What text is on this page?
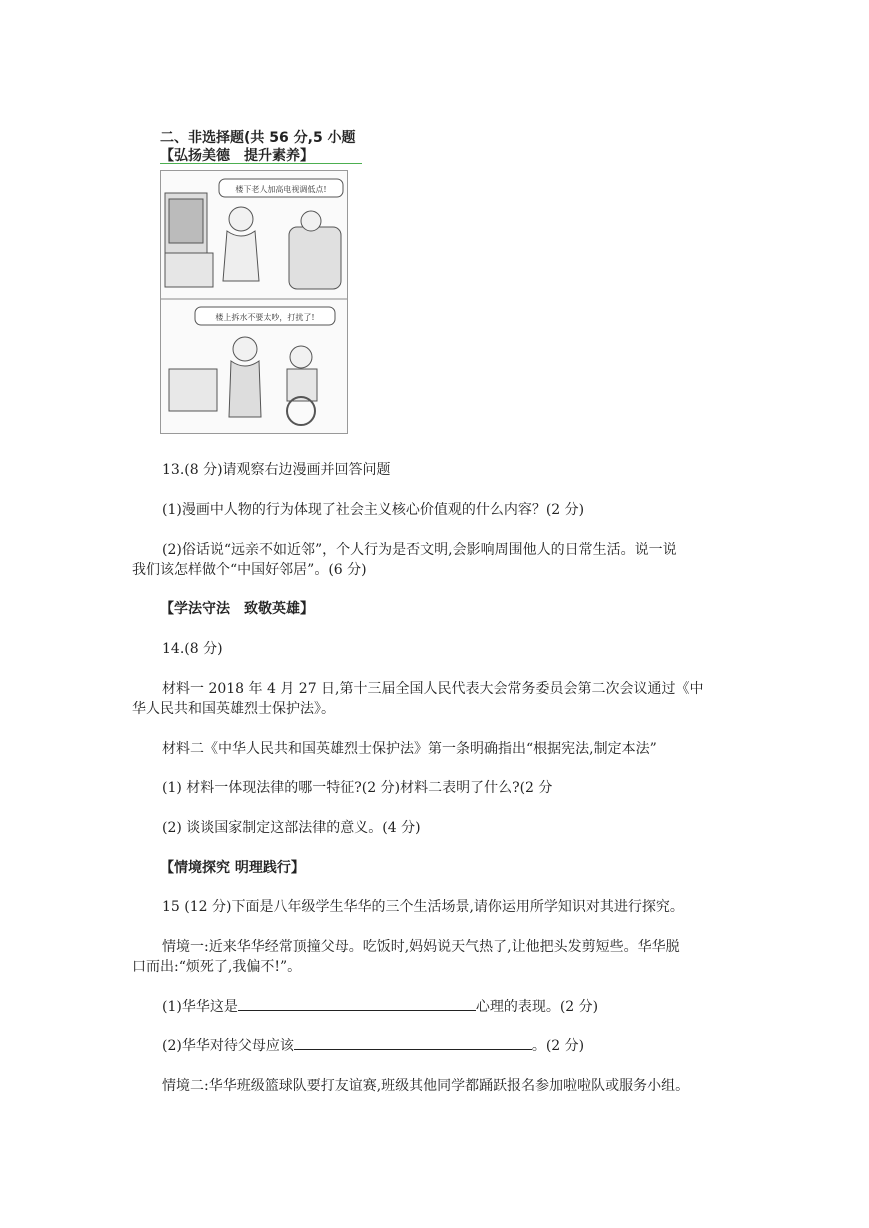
二、非选择题(共 56 分,5 小题
【弘扬美德　提升素养】
楼下老人加高电视调低点!
楼上拆水不要太吵，打扰了!
13.(8 分)请观察右边漫画并回答问题
(1)漫画中人物的行为体现了社会主义核心价值观的什么内容？(2 分)
(2)俗话说“远亲不如近邻”，个人行为是否文明,会影响周围他人的日常生活。说一说
我们该怎样做个“中国好邻居”。(6 分)
【学法守法　致敬英雄】
14.(8 分)
材料一 2018 年 4 月 27 日,第十三届全国人民代表大会常务委员会第二次会议通过《中
华人民共和国英雄烈士保护法》。
材料二《中华人民共和国英雄烈士保护法》第一条明确指出“根据宪法,制定本法”
(1) 材料一体现法律的哪一特征?(2 分)材料二表明了什么?(2 分
(2) 谈谈国家制定这部法律的意义。(4 分)
【情境探究 明理践行】
15 (12 分)下面是八年级学生华华的三个生活场景,请你运用所学知识对其进行探究。
情境一:近来华华经常顶撞父母。吃饭时,妈妈说天气热了,让他把头发剪短些。华华脱
口而出:“烦死了,我偏不!”。
(1)华华这是	心理的表现。(2 分)
(2)华华对待父母应该	。(2 分)
情境二:华华班级篮球队要打友谊赛,班级其他同学都踊跃报名参加啦啦队或服务小组。
